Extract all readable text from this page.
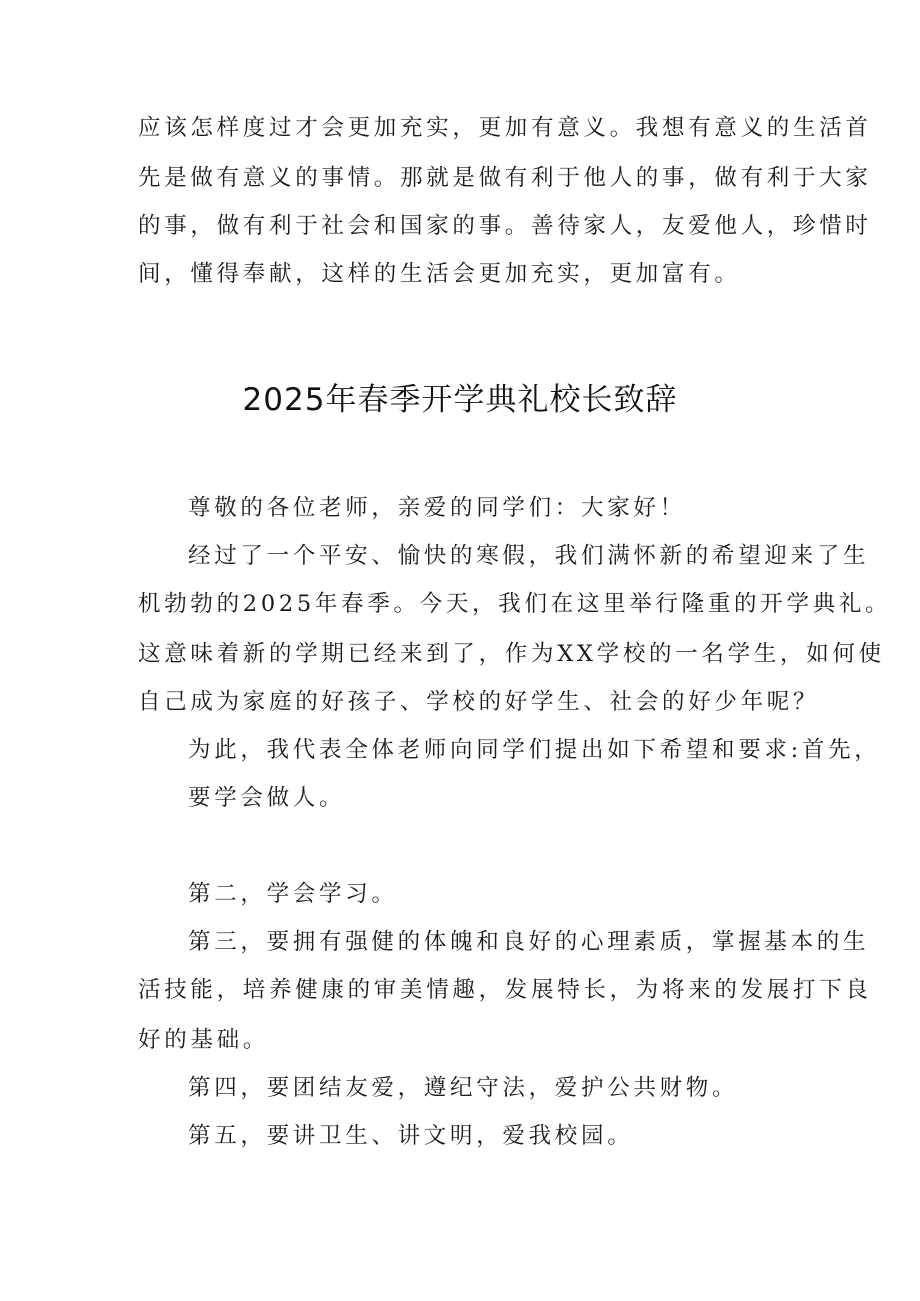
应该怎样度过才会更加充实，更加有意义。我想有意义的生活首

先是做有意义的事情。那就是做有利于他人的事，做有利于大家

的事，做有利于社会和国家的事。善待家人，友爱他人，珍惜时

间，懂得奉献，这样的生活会更加充实，更加富有。

2025年春季开学典礼校长致辞

尊敬的各位老师，亲爱的同学们：大家好！

经过了一个平安、愉快的寒假，我们满怀新的希望迎来了生

机勃勃的2025年春季。今天，我们在这里举行隆重的开学典礼。

这意味着新的学期已经来到了，作为XX学校的一名学生，如何使

自己成为家庭的好孩子、学校的好学生、社会的好少年呢？

为此，我代表全体老师向同学们提出如下希望和要求:首先，

要学会做人。

第二，学会学习。

第三，要拥有强健的体魄和良好的心理素质，掌握基本的生

活技能，培养健康的审美情趣，发展特长，为将来的发展打下良

好的基础。

第四，要团结友爱，遵纪守法，爱护公共财物。

第五，要讲卫生、讲文明，爱我校园。
